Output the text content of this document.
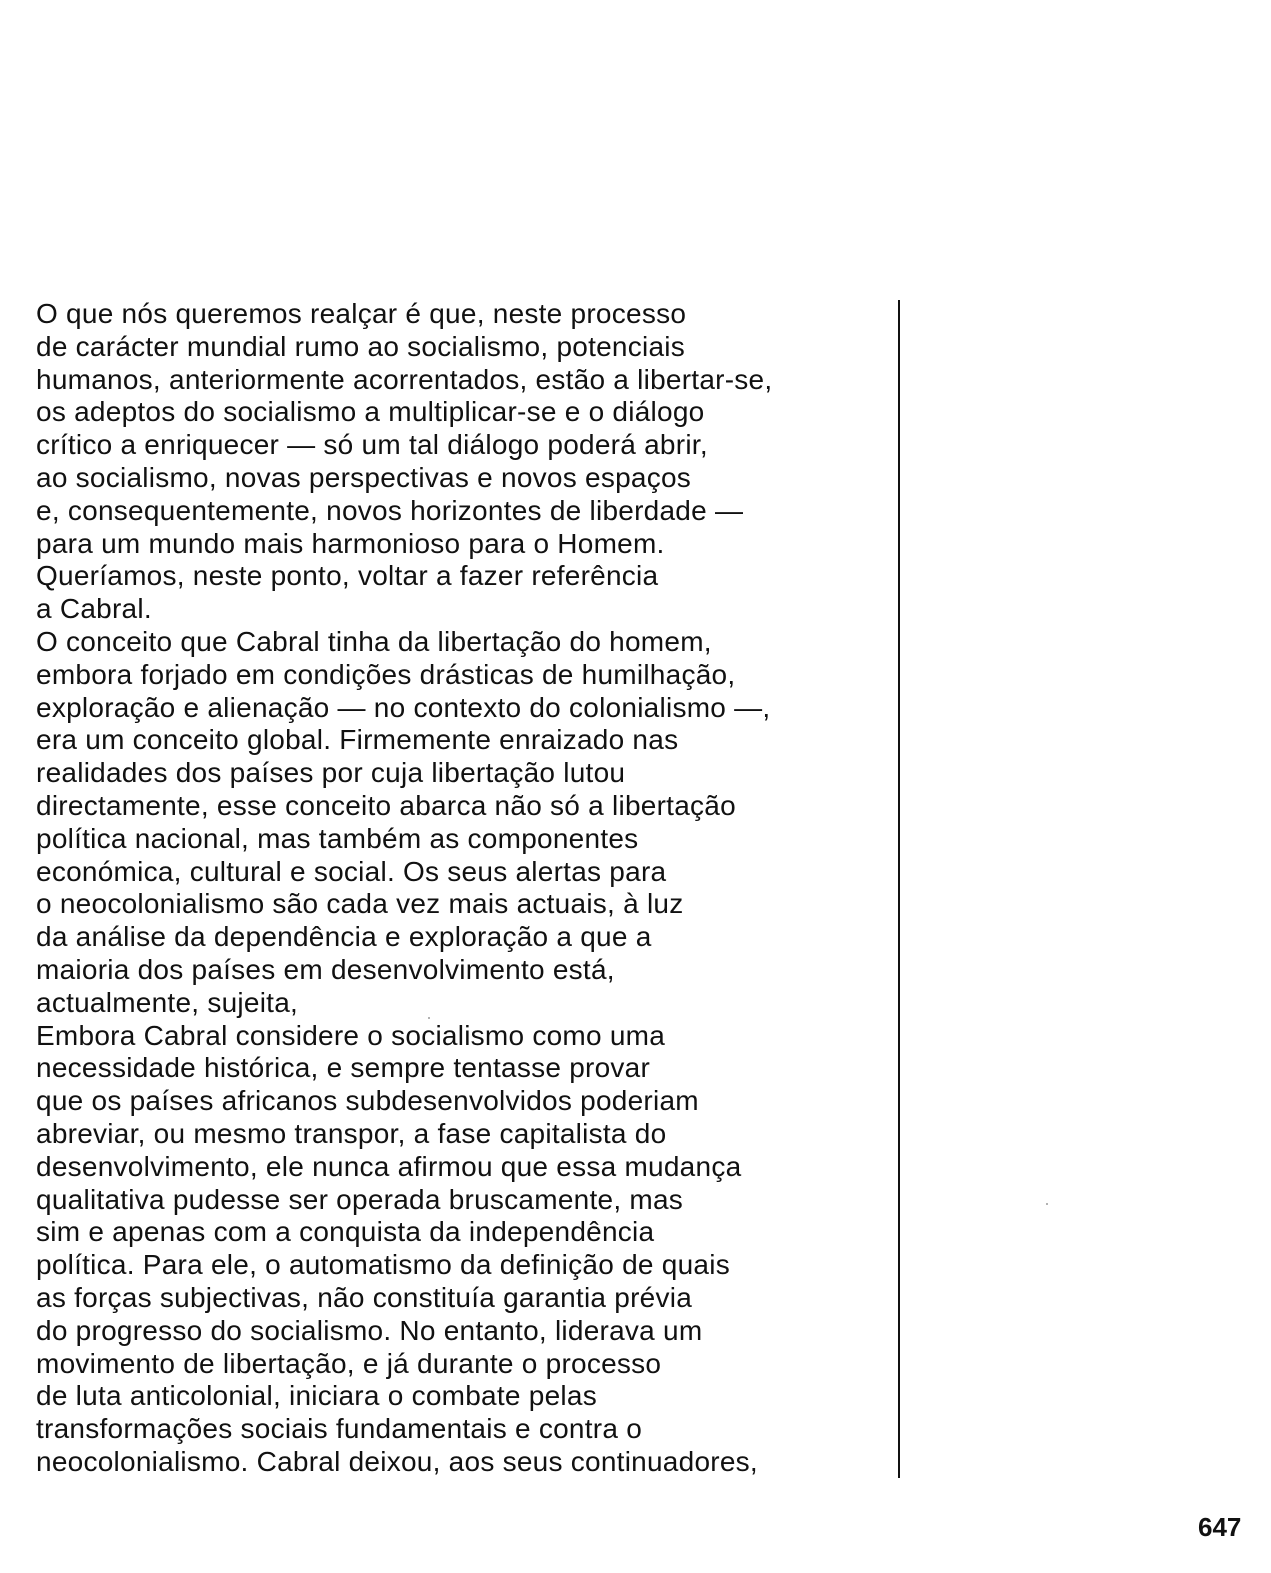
O que nós queremos realçar é que, neste processo
de carácter mundial rumo ao socialismo, potenciais
humanos, anteriormente acorrentados, estão a libertar-se,
os adeptos do socialismo a multiplicar-se e o diálogo
crítico a enriquecer — só um tal diálogo poderá abrir,
ao socialismo, novas perspectivas e novos espaços
e, consequentemente, novos horizontes de liberdade —
para um mundo mais harmonioso para o Homem.
Queríamos, neste ponto, voltar a fazer referência
a Cabral.
O conceito que Cabral tinha da libertação do homem,
embora forjado em condições drásticas de humilhação,
exploração e alienação — no contexto do colonialismo —,
era um conceito global. Firmemente enraizado nas
realidades dos países por cuja libertação lutou
directamente, esse conceito abarca não só a libertação
política nacional, mas também as componentes
económica, cultural e social. Os seus alertas para
o neocolonialismo são cada vez mais actuais, à luz
da análise da dependência e exploração a que a
maioria dos países em desenvolvimento está,
actualmente, sujeita,
Embora Cabral considere o socialismo como uma
necessidade histórica, e sempre tentasse provar
que os países africanos subdesenvolvidos poderiam
abreviar, ou mesmo transpor, a fase capitalista do
desenvolvimento, ele nunca afirmou que essa mudança
qualitativa pudesse ser operada bruscamente, mas
sim e apenas com a conquista da independência
política. Para ele, o automatismo da definição de quais
as forças subjectivas, não constituía garantia prévia
do progresso do socialismo. No entanto, liderava um
movimento de libertação, e já durante o processo
de luta anticolonial, iniciara o combate pelas
transformações sociais fundamentais e contra o
neocolonialismo. Cabral deixou, aos seus continuadores,
647
